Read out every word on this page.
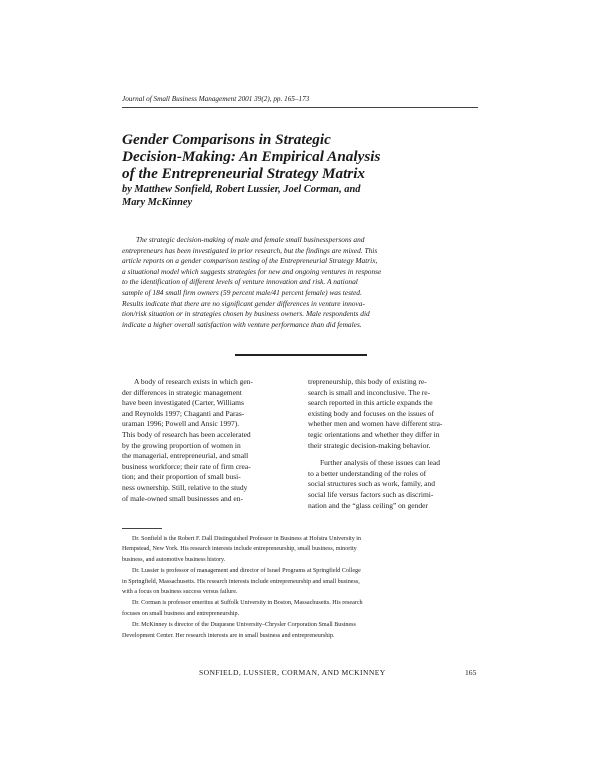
Journal of Small Business Management 2001 39(2), pp. 165–173
Gender Comparisons in Strategic
Decision-Making: An Empirical Analysis
of the Entrepreneurial Strategy Matrix
by Matthew Sonfield, Robert Lussier, Joel Corman, and
Mary McKinney
The strategic decision-making of male and female small businesspersons and
entrepreneurs has been investigated in prior research, but the findings are mixed. This
article reports on a gender comparison testing of the Entrepreneurial Strategy Matrix,
a situational model which suggests strategies for new and ongoing ventures in response
to the identification of different levels of venture innovation and risk. A national
sample of 184 small firm owners (59 percent male/41 percent female) was tested.
Results indicate that there are no significant gender differences in venture innova-
tion/risk situation or in strategies chosen by business owners. Male respondents did
indicate a higher overall satisfaction with venture performance than did females.
A body of research exists in which gen-
der differences in strategic management
have been investigated (Carter, Williams
and Reynolds 1997; Chaganti and Paras-
uraman 1996; Powell and Ansic 1997).
This body of research has been accelerated
by the growing proportion of women in
the managerial, entrepreneurial, and small
business workforce; their rate of firm crea-
tion; and their proportion of small busi-
ness ownership. Still, relative to the study
of male-owned small businesses and en-
trepreneurship, this body of existing re-
search is small and inconclusive. The re-
search reported in this article expands the
existing body and focuses on the issues of
whether men and women have different stra-
tegic orientations and whether they differ in
their strategic decision-making behavior.
Further analysis of these issues can lead
to a better understanding of the roles of
social structures such as work, family, and
social life versus factors such as discrimi-
nation and the “glass ceiling” on gender
Dr. Sonfield is the Robert F. Dall Distinguished Professor in Business at Hofstra University in
Hempstead, New York. His research interests include entrepreneurship, small business, minority
business, and automotive business history.
Dr. Lussier is professor of management and director of Israel Programs at Springfield College
in Springfield, Massachusetts. His research interests include entrepreneurship and small business,
with a focus on business success versus failure.
Dr. Corman is professor emeritus at Suffolk University in Boston, Massachusetts. His research
focuses on small business and entrepreneurship.
Dr. McKinney is director of the Duquesne University–Chrysler Corporation Small Business
Development Center. Her research interests are in small business and entrepreneurship.
SONFIELD, LUSSIER, CORMAN, AND MCKINNEY	165
